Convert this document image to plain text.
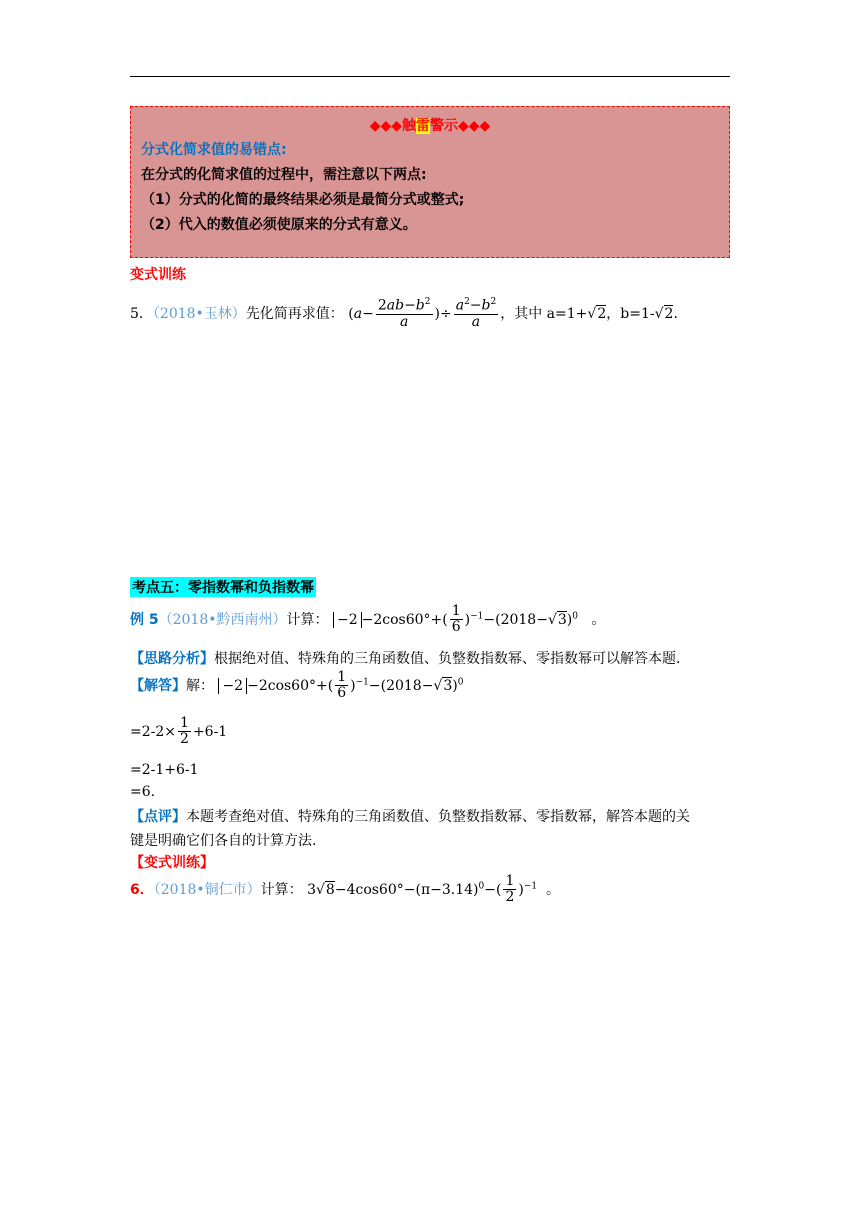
◆◆◆触雷警示◆◆◆
分式化简求值的易错点:
在分式的化简求值的过程中，需注意以下两点:
（1）分式的化简的最终结果必须是最简分式或整式;
（2）代入的数值必须使原来的分式有意义。
变式训练
5．（2018•玉林）先化简再求值： ($a- \frac{2ab-b^2}{a}$ )÷ $\frac{a^2-b^2}{a}$ ，其中 a=1+√2，b=1-√2.
考点五：零指数幂和负指数幂
例 5（2018•黔西南州）计算： $-2 -2\cos 60^\circ+( \frac{1}{6} )^{-1}-(2018-√3)^0$   。
【思路分析】根据绝对值、特殊角的三角函数值、负整数指数幂、零指数幂可以解答本题.
【解答】解： $-2 -2\cos 60^\circ+( \frac{1}{6} )^{-1}-(2018-√3)^0$
$=2-2\times \frac{1}{2} +6-1$
=2-1+6-1
=6.
【点评】本题考查绝对值、特殊角的三角函数值、负整数指数幂、零指数幂，解答本题的关
键是明确它们各自的计算方法.
【变式训练】
6．（2018•铜仁市）计算： $3√8-4\cos 60^\circ-(\pi-3.14)^0-( \frac{1}{2} )^{-1}$  。
